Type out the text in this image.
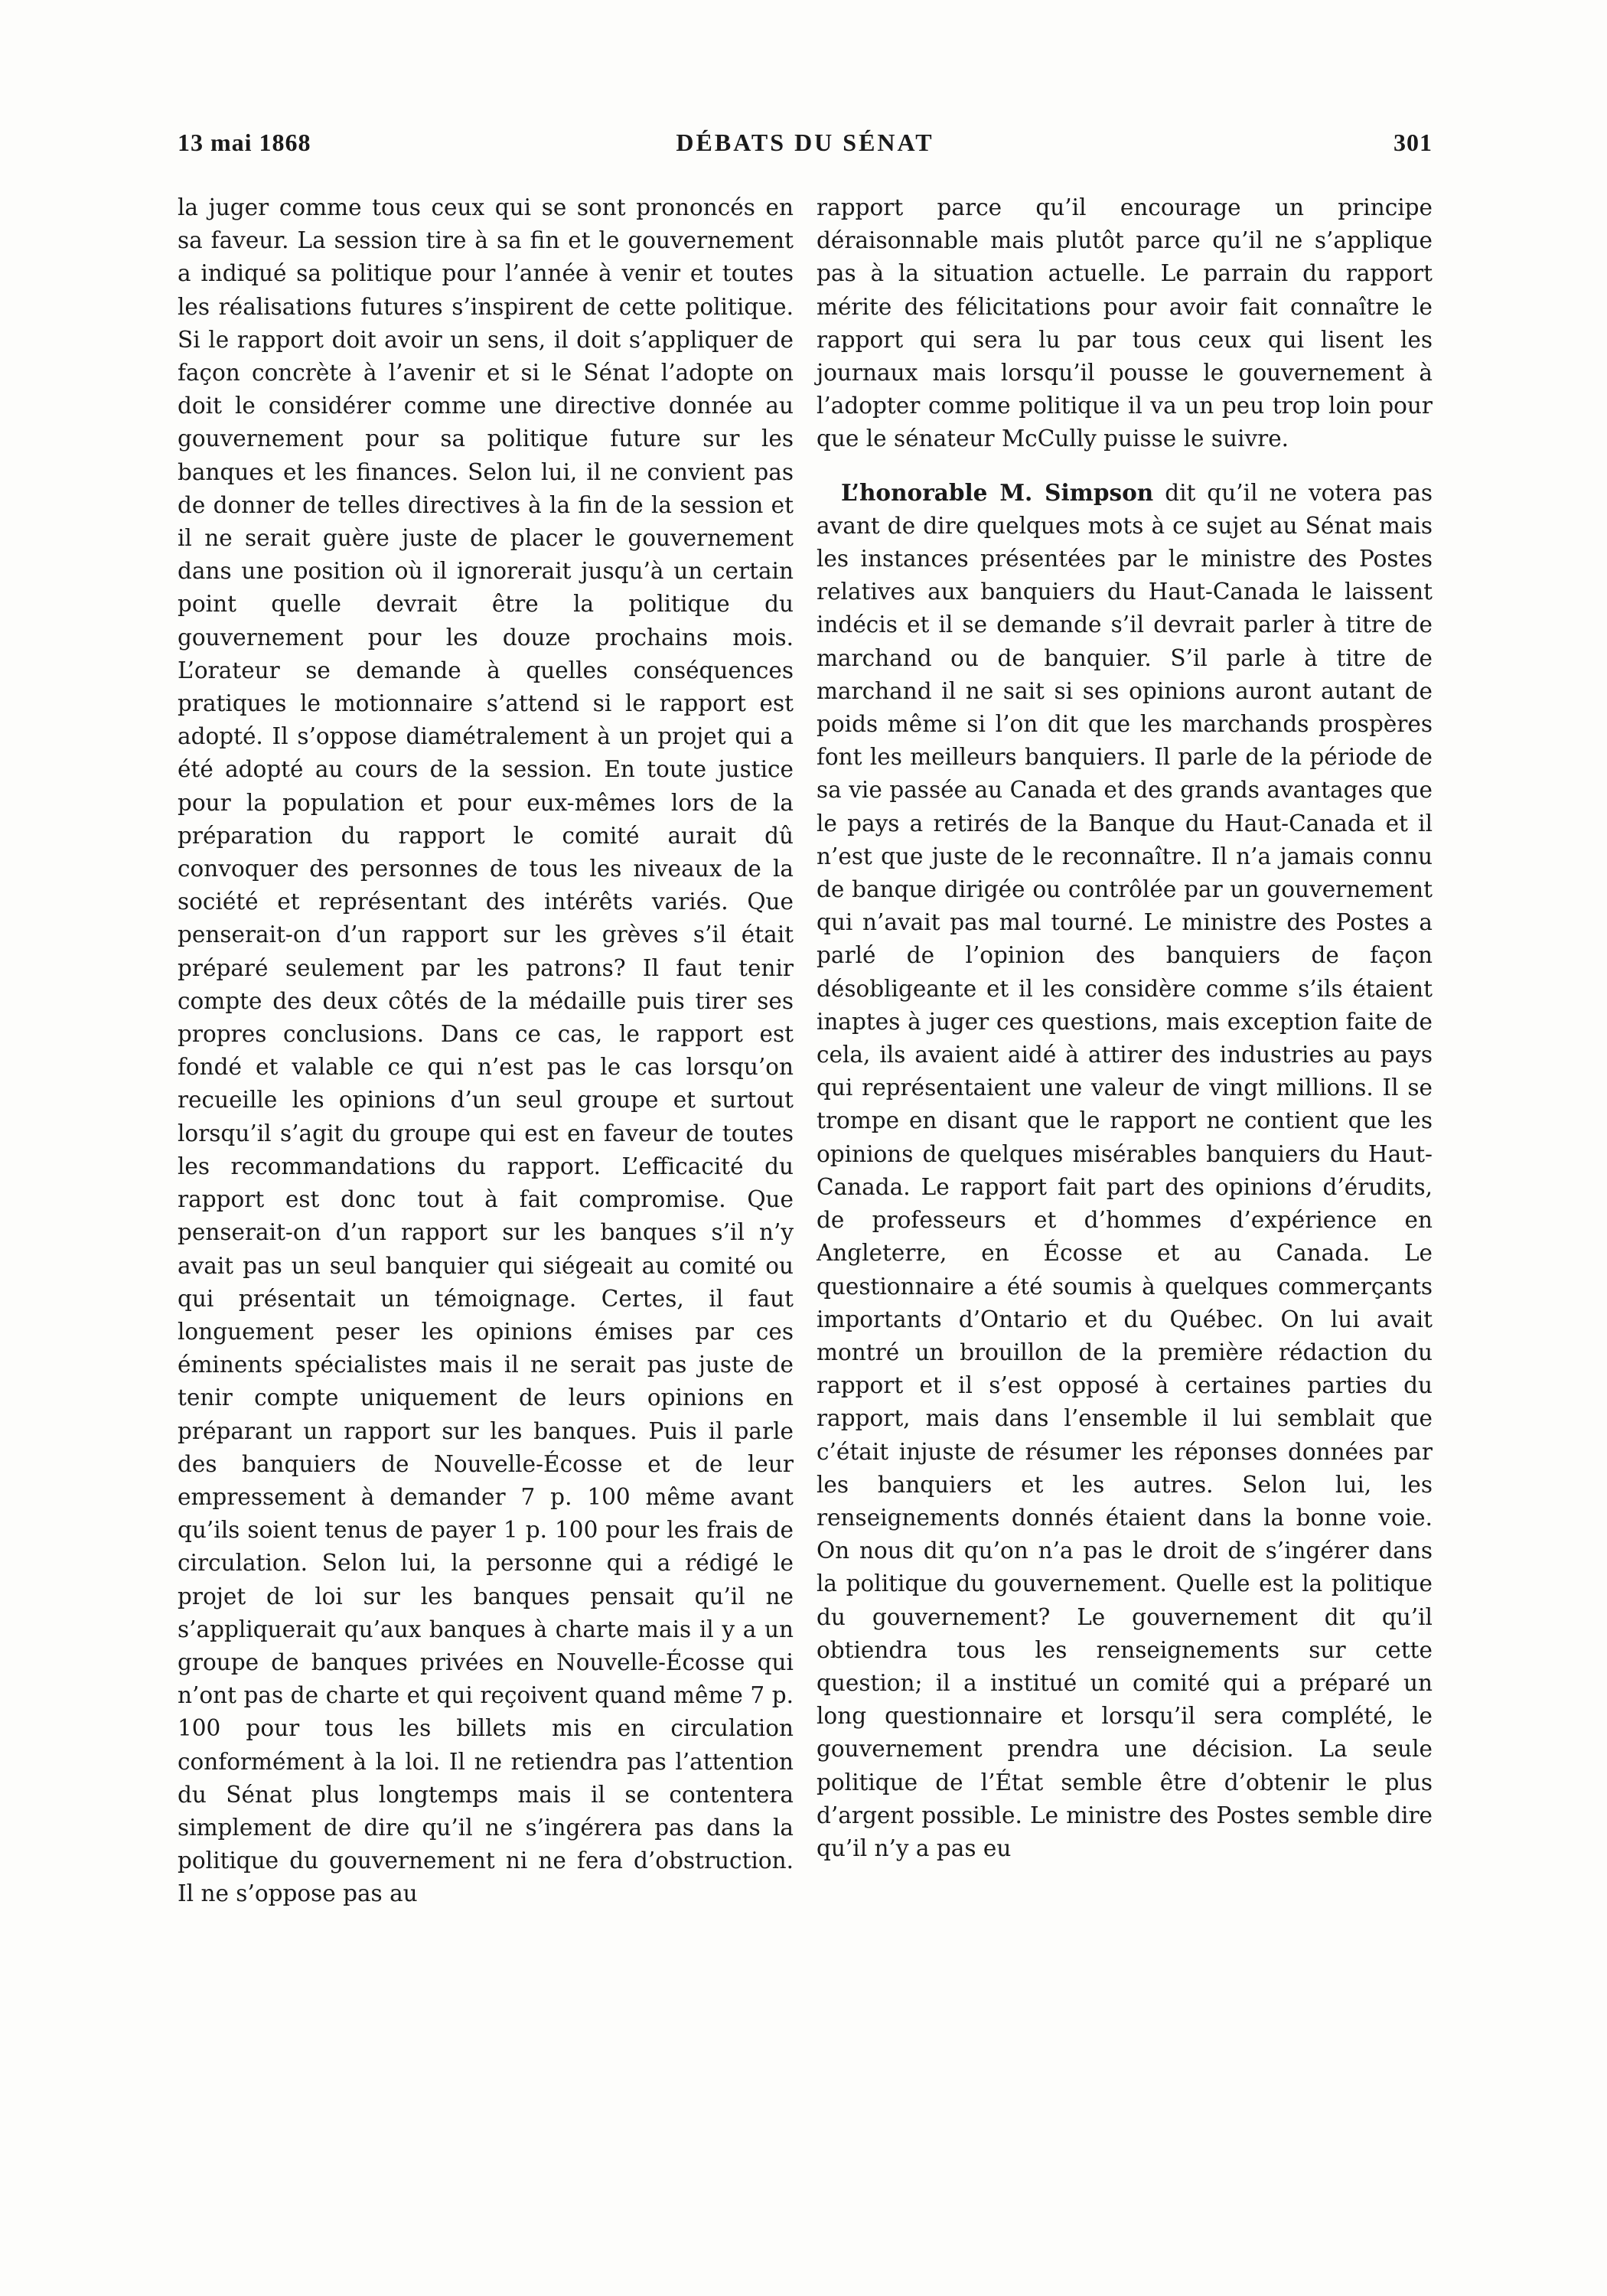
13 mai 1868	DÉBATS DU SÉNAT	301

la juger comme tous ceux qui se sont prononcés en sa faveur. La session tire à sa fin et le gouvernement a indiqué sa politique pour l’année à venir et toutes les réalisations futures s’inspirent de cette politique. Si le rapport doit avoir un sens, il doit s’appliquer de façon concrète à l’avenir et si le Sénat l’adopte on doit le considérer comme une directive donnée au gouvernement pour sa politique future sur les banques et les finances. Selon lui, il ne convient pas de donner de telles directives à la fin de la session et il ne serait guère juste de placer le gouvernement dans une position où il ignorerait jusqu’à un certain point quelle devrait être la politique du gouvernement pour les douze prochains mois. L’orateur se demande à quelles conséquences pratiques le motionnaire s’attend si le rapport est adopté. Il s’oppose diamétralement à un projet qui a été adopté au cours de la session. En toute justice pour la population et pour eux-mêmes lors de la préparation du rapport le comité aurait dû convoquer des personnes de tous les niveaux de la société et représentant des intérêts variés. Que penserait-on d’un rapport sur les grèves s’il était préparé seulement par les patrons? Il faut tenir compte des deux côtés de la médaille puis tirer ses propres conclusions. Dans ce cas, le rapport est fondé et valable ce qui n’est pas le cas lorsqu’on recueille les opinions d’un seul groupe et surtout lorsqu’il s’agit du groupe qui est en faveur de toutes les recommandations du rapport. L’efficacité du rapport est donc tout à fait compromise. Que penserait-on d’un rapport sur les banques s’il n’y avait pas un seul banquier qui siégeait au comité ou qui présentait un témoignage. Certes, il faut longuement peser les opinions émises par ces éminents spécialistes mais il ne serait pas juste de tenir compte uniquement de leurs opinions en préparant un rapport sur les banques. Puis il parle des banquiers de Nouvelle-Écosse et de leur empressement à demander 7 p. 100 même avant qu’ils soient tenus de payer 1 p. 100 pour les frais de circulation. Selon lui, la personne qui a rédigé le projet de loi sur les banques pensait qu’il ne s’appliquerait qu’aux banques à charte mais il y a un groupe de banques privées en Nouvelle-Écosse qui n’ont pas de charte et qui reçoivent quand même 7 p. 100 pour tous les billets mis en circulation conformément à la loi. Il ne retiendra pas l’attention du Sénat plus longtemps mais il se contentera simplement de dire qu’il ne s’ingérera pas dans la politique du gouvernement ni ne fera d’obstruction. Il ne s’oppose pas au

rapport parce qu’il encourage un principe déraisonnable mais plutôt parce qu’il ne s’applique pas à la situation actuelle. Le parrain du rapport mérite des félicitations pour avoir fait connaître le rapport qui sera lu par tous ceux qui lisent les journaux mais lorsqu’il pousse le gouvernement à l’adopter comme politique il va un peu trop loin pour que le sénateur McCully puisse le suivre.

L’honorable M. Simpson dit qu’il ne votera pas avant de dire quelques mots à ce sujet au Sénat mais les instances présentées par le ministre des Postes relatives aux banquiers du Haut-Canada le laissent indécis et il se demande s’il devrait parler à titre de marchand ou de banquier. S’il parle à titre de marchand il ne sait si ses opinions auront autant de poids même si l’on dit que les marchands prospères font les meilleurs banquiers. Il parle de la période de sa vie passée au Canada et des grands avantages que le pays a retirés de la Banque du Haut-Canada et il n’est que juste de le reconnaître. Il n’a jamais connu de banque dirigée ou contrôlée par un gouvernement qui n’avait pas mal tourné. Le ministre des Postes a parlé de l’opinion des banquiers de façon désobligeante et il les considère comme s’ils étaient inaptes à juger ces questions, mais exception faite de cela, ils avaient aidé à attirer des industries au pays qui représentaient une valeur de vingt millions. Il se trompe en disant que le rapport ne contient que les opinions de quelques misérables banquiers du Haut-Canada. Le rapport fait part des opinions d’érudits, de professeurs et d’hommes d’expérience en Angleterre, en Écosse et au Canada. Le questionnaire a été soumis à quelques commerçants importants d’Ontario et du Québec. On lui avait montré un brouillon de la première rédaction du rapport et il s’est opposé à certaines parties du rapport, mais dans l’ensemble il lui semblait que c’était injuste de résumer les réponses données par les banquiers et les autres. Selon lui, les renseignements donnés étaient dans la bonne voie. On nous dit qu’on n’a pas le droit de s’ingérer dans la politique du gouvernement. Quelle est la politique du gouvernement? Le gouvernement dit qu’il obtiendra tous les renseignements sur cette question; il a institué un comité qui a préparé un long questionnaire et lorsqu’il sera complété, le gouvernement prendra une décision. La seule politique de l’État semble être d’obtenir le plus d’argent possible. Le ministre des Postes semble dire qu’il n’y a pas eu
